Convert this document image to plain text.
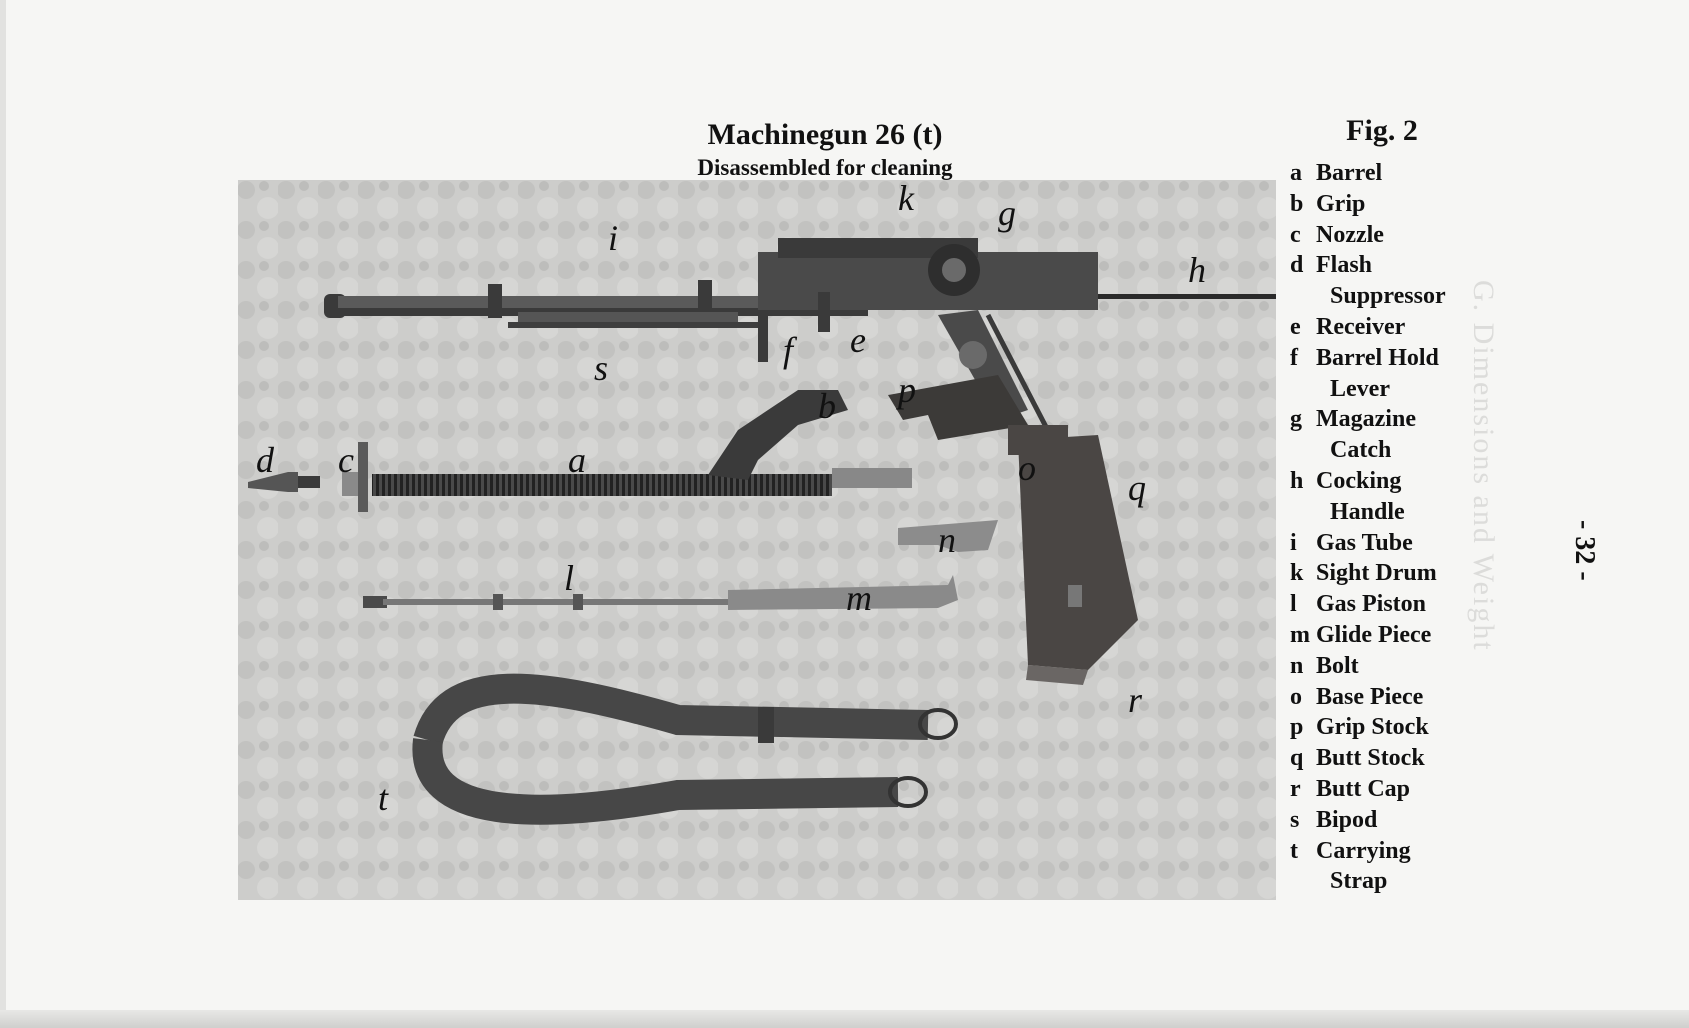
G. Dimensions and Weight
Machinegun 26 (t)
Disassembled for cleaning
i
s
k g
h
e
f
b p
o	q
d c	a
n
l	m
r
t
Fig. 2
a Barrel
b Grip
c Nozzle
d Flash
Suppressor
e Receiver
f Barrel Hold
Lever
g Magazine
Catch
h Cocking
Handle
i Gas Tube
k Sight Drum
l Gas Piston
m Glide Piece
n Bolt
o Base Piece
p Grip Stock
q Butt Stock
r Butt Cap
s Bipod
t Carrying
Strap
- 32 -
